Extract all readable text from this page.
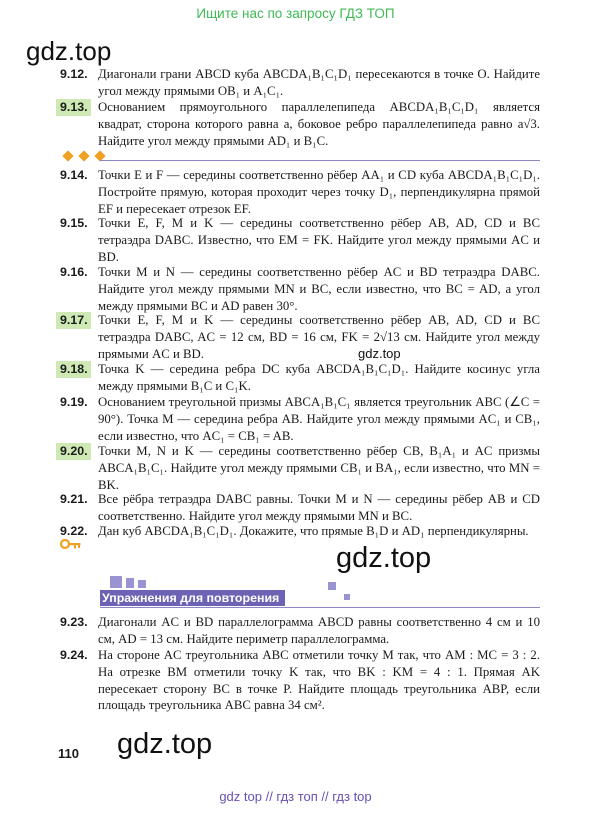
Ищите нас по запросу ГДЗ ТОП
gdz.top
9.12. Диагонали грани ABCD куба ABCDA₁B₁C₁D₁ пересекаются в точке O. Найдите угол между прямыми OB₁ и A₁C₁.
9.13. Основанием прямоугольного параллелепипеда ABCDA₁B₁C₁D₁ является квадрат, сторона которого равна a, боковое ребро параллелепипеда равно a√3. Найдите угол между прямыми AD₁ и B₁C.
9.14. Точки E и F — середины соответственно рёбер AA₁ и CD куба ABCDA₁B₁C₁D₁. Постройте прямую, которая проходит через точку D₁, перпендикулярна прямой EF и пересекает отрезок EF.
9.15. Точки E, F, M и K — середины соответственно рёбер AB, AD, CD и BC тетраэдра DABC. Известно, что EM = FK. Найдите угол между прямыми AC и BD.
9.16. Точки M и N — середины соответственно рёбер AC и BD тетраэдра DABC. Найдите угол между прямыми MN и BC, если известно, что BC = AD, а угол между прямыми BC и AD равен 30°.
9.17. Точки E, F, M и K — середины соответственно рёбер AB, AD, CD и BC тетраэдра DABC, AC = 12 см, BD = 16 см, FK = 2√13 см. Найдите угол между прямыми AC и BD.	gdz.top
9.18. Точка K — середина ребра DC куба ABCDA₁B₁C₁D₁. Найдите косинус угла между прямыми B₁C и C₁K.
9.19. Основанием треугольной призмы ABCA₁B₁C₁ является треугольник ABC (∠C = 90°). Точка M — середина ребра AB. Найдите угол между прямыми AC₁ и CB₁, если известно, что AC₁ = CB₁ = AB.
9.20. Точки M, N и K — середины соответственно рёбер CB, B₁A₁ и AC призмы ABCA₁B₁C₁. Найдите угол между прямыми CB₁ и BA₁, если известно, что MN = BK.
9.21. Все рёбра тетраэдра DABC равны. Точки M и N — середины рёбер AB и CD соответственно. Найдите угол между прямыми MN и BC.
9.22. Дан куб ABCDA₁B₁C₁D₁. Докажите, что прямые B₁D и AD₁ перпендикулярны.
gdz.top
Упражнения для повторения
9.23. Диагонали AC и BD параллелограмма ABCD равны соответственно 4 см и 10 см, AD = 13 см. Найдите периметр параллелограмма.
9.24. На стороне AC треугольника ABC отметили точку M так, что AM : MC = 3 : 2. На отрезке BM отметили точку K так, что BK : KM = 4 : 1. Прямая AK пересекает сторону BC в точке P. Найдите площадь треугольника ABP, если площадь треугольника ABC равна 34 см².
gdz.top
110
gdz top // гдз топ // гдз top
